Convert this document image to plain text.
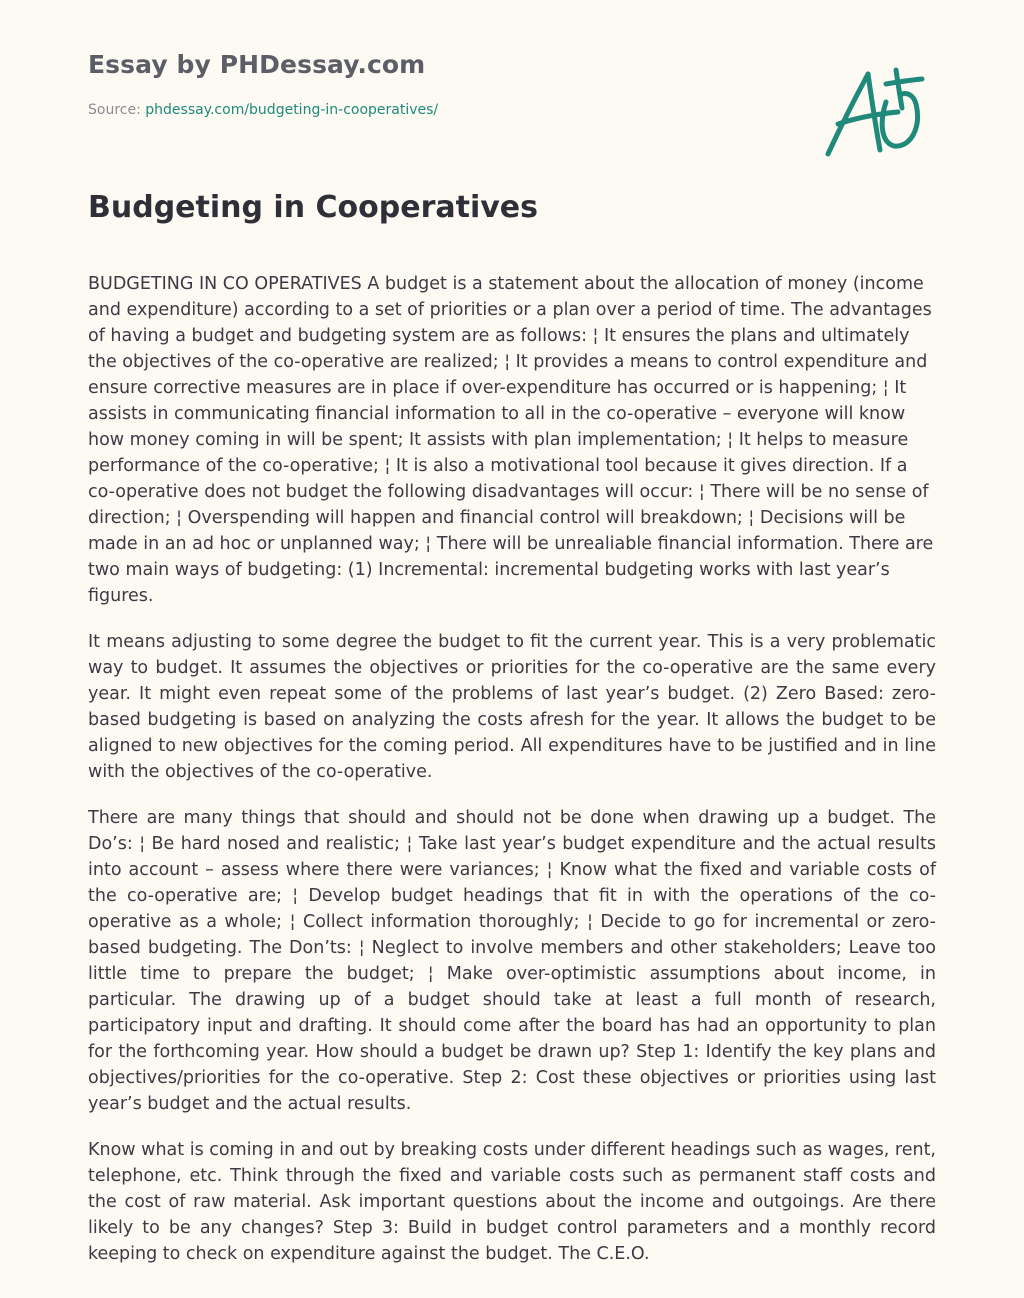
Essay by PHDessay.com
Source: phdessay.com/budgeting-in-cooperatives/
Budgeting in Cooperatives

BUDGETING IN CO OPERATIVES A budget is a statement about the allocation of money (income and expenditure) according to a set of priorities or a plan over a period of time. The advantages of having a budget and budgeting system are as follows: ¦ It ensures the plans and ultimately the objectives of the co-operative are realized; ¦ It provides a means to control expenditure and ensure corrective measures are in place if over-expenditure has occurred or is happening; ¦ It assists in communicating financial information to all in the co-operative – everyone will know how money coming in will be spent; It assists with plan implementation; ¦ It helps to measure performance of the co-operative; ¦ It is also a motivational tool because it gives direction. If a co-operative does not budget the following disadvantages will occur: ¦ There will be no sense of direction; ¦ Overspending will happen and financial control will breakdown; ¦ Decisions will be made in an ad hoc or unplanned way; ¦ There will be unrealiable financial information. There are two main ways of budgeting: (1) Incremental: incremental budgeting works with last year’s figures.

It means adjusting to some degree the budget to fit the current year. This is a very problematic way to budget. It assumes the objectives or priorities for the co-operative are the same every year. It might even repeat some of the problems of last year’s budget. (2) Zero Based: zero-based budgeting is based on analyzing the costs afresh for the year. It allows the budget to be aligned to new objectives for the coming period. All expenditures have to be justified and in line with the objectives of the co-operative.

There are many things that should and should not be done when drawing up a budget. The Do’s: ¦ Be hard nosed and realistic; ¦ Take last year’s budget expenditure and the actual results into account – assess where there were variances; ¦ Know what the fixed and variable costs of the co-operative are; ¦ Develop budget headings that fit in with the operations of the co-operative as a whole; ¦ Collect information thoroughly; ¦ Decide to go for incremental or zero-based budgeting. The Don’ts: ¦ Neglect to involve members and other stakeholders; Leave too little time to prepare the budget; ¦ Make over-optimistic assumptions about income, in particular. The drawing up of a budget should take at least a full month of research, participatory input and drafting. It should come after the board has had an opportunity to plan for the forthcoming year. How should a budget be drawn up? Step 1: Identify the key plans and objectives/priorities for the co-operative. Step 2: Cost these objectives or priorities using last year’s budget and the actual results.

Know what is coming in and out by breaking costs under different headings such as wages, rent, telephone, etc. Think through the fixed and variable costs such as permanent staff costs and the cost of raw material. Ask important questions about the income and outgoings. Are there likely to be any changes? Step 3: Build in budget control parameters and a monthly record keeping to check on expenditure against the budget. The C.E.O.
